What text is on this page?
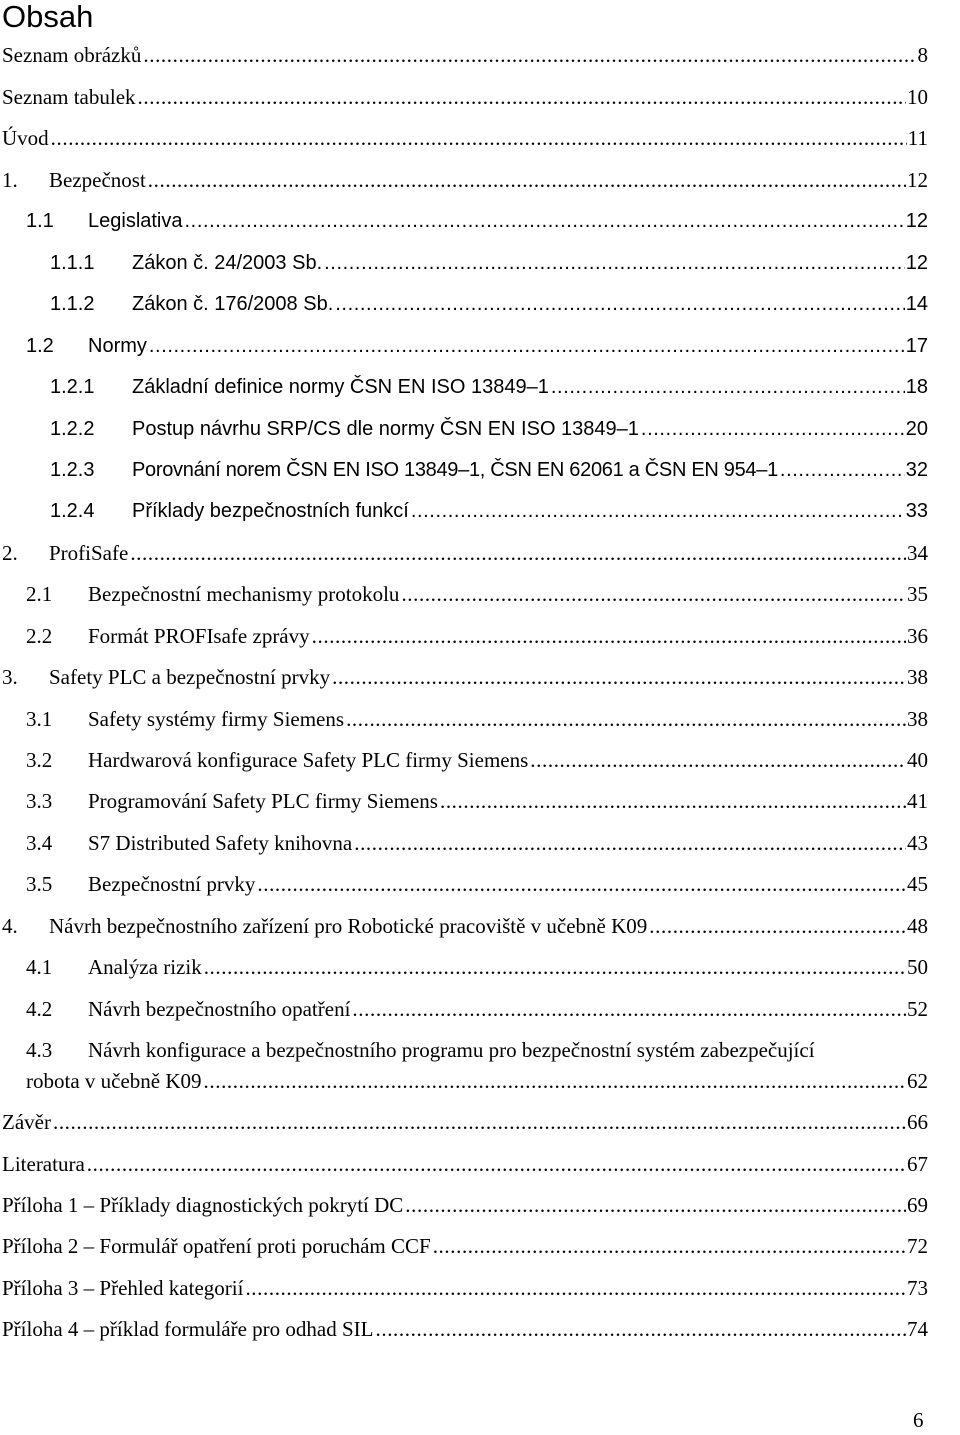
Obsah
Seznam obrázků .....	8
Seznam tabulek .....	10
Úvod .....	11
1.	Bezpečnost .....	12
1.1	Legislativa .....	12
1.1.1	Zákon č. 24/2003 Sb. .....	12
1.1.2	Zákon č. 176/2008 Sb. .....	14
1.2	Normy .....	17
1.2.1	Základní definice normy ČSN EN ISO 13849–1 .....	18
1.2.2	Postup návrhu SRP/CS dle normy ČSN EN ISO 13849–1 .....	20
1.2.3	Porovnání norem ČSN EN ISO 13849–1, ČSN EN 62061 a ČSN EN 954–1 .....	32
1.2.4	Příklady bezpečnostních funkcí .....	33
2.	ProfiSafe .....	34
2.1	Bezpečnostní mechanismy protokolu .....	35
2.2	Formát PROFIsafe zprávy .....	36
3.	Safety PLC a bezpečnostní prvky .....	38
3.1	Safety systémy firmy Siemens .....	38
3.2	Hardwarová konfigurace Safety PLC firmy Siemens .....	40
3.3	Programování Safety PLC firmy Siemens .....	41
3.4	S7 Distributed Safety knihovna .....	43
3.5	Bezpečnostní prvky .....	45
4.	Návrh bezpečnostního zařízení pro Robotické pracoviště v učebně K09 .....	48
4.1	Analýza rizik .....	50
4.2	Návrh bezpečnostního opatření .....	52
4.3 Návrh konfigurace a bezpečnostního programu pro bezpečnostní systém zabezpečující
robota v učebně K09 .....	62
Závěr .....	66
Literatura .....	67
Příloha 1 – Příklady diagnostických pokrytí DC .....	69
Příloha 2 – Formulář opatření proti poruchám CCF .....	72
Příloha 3 – Přehled kategorií .....	73
Příloha 4 – příklad formuláře pro odhad SIL .....	74
6
